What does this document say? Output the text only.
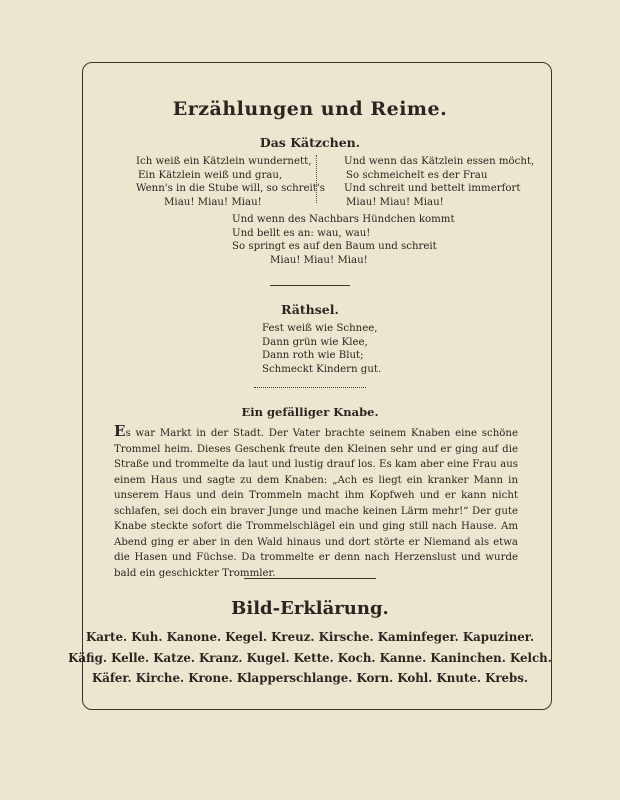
Erzählungen und Reime.
Das Kätzchen.
Ich weiß ein Kätzlein wundernett,
Ein Kätzlein weiß und grau,
Wenn's in die Stube will, so schreit's
Miau! Miau! Miau!
Und wenn das Kätzlein essen möcht,
So schmeichelt es der Frau
Und schreit und bettelt immerfort
Miau! Miau! Miau!
Und wenn des Nachbars Hündchen kommt
Und bellt es an: wau, wau!
So springt es auf den Baum und schreit
Miau! Miau! Miau!
Räthsel.
Fest weiß wie Schnee,
Dann grün wie Klee,
Dann roth wie Blut;
Schmeckt Kindern gut.
Ein gefälliger Knabe.
Es war Markt in der Stadt. Der Vater brachte seinem Knaben eine schöne Trommel heim. Dieses Geschenk freute den Kleinen sehr und er ging auf die Straße und trommelte da laut und lustig drauf los. Es kam aber eine Frau aus einem Haus und sagte zu dem Knaben: „Ach es liegt ein kranker Mann in unserem Haus und dein Trommeln macht ihm Kopfweh und er kann nicht schlafen, sei doch ein braver Junge und mache keinen Lärm mehr!“ Der gute Knabe steckte sofort die Trommelschlägel ein und ging still nach Hause. Am Abend ging er aber in den Wald hinaus und dort störte er Niemand als etwa die Hasen und Füchse. Da trommelte er denn nach Herzenslust und wurde bald ein geschickter Trommler.
Bild-Erklärung.
Karte. Kuh. Kanone. Kegel. Kreuz. Kirsche. Kaminfeger. Kapuziner.
Käfig. Kelle. Katze. Kranz. Kugel. Kette. Koch. Kanne. Kaninchen. Kelch.
Käfer. Kirche. Krone. Klapperschlange. Korn. Kohl. Knute. Krebs.
